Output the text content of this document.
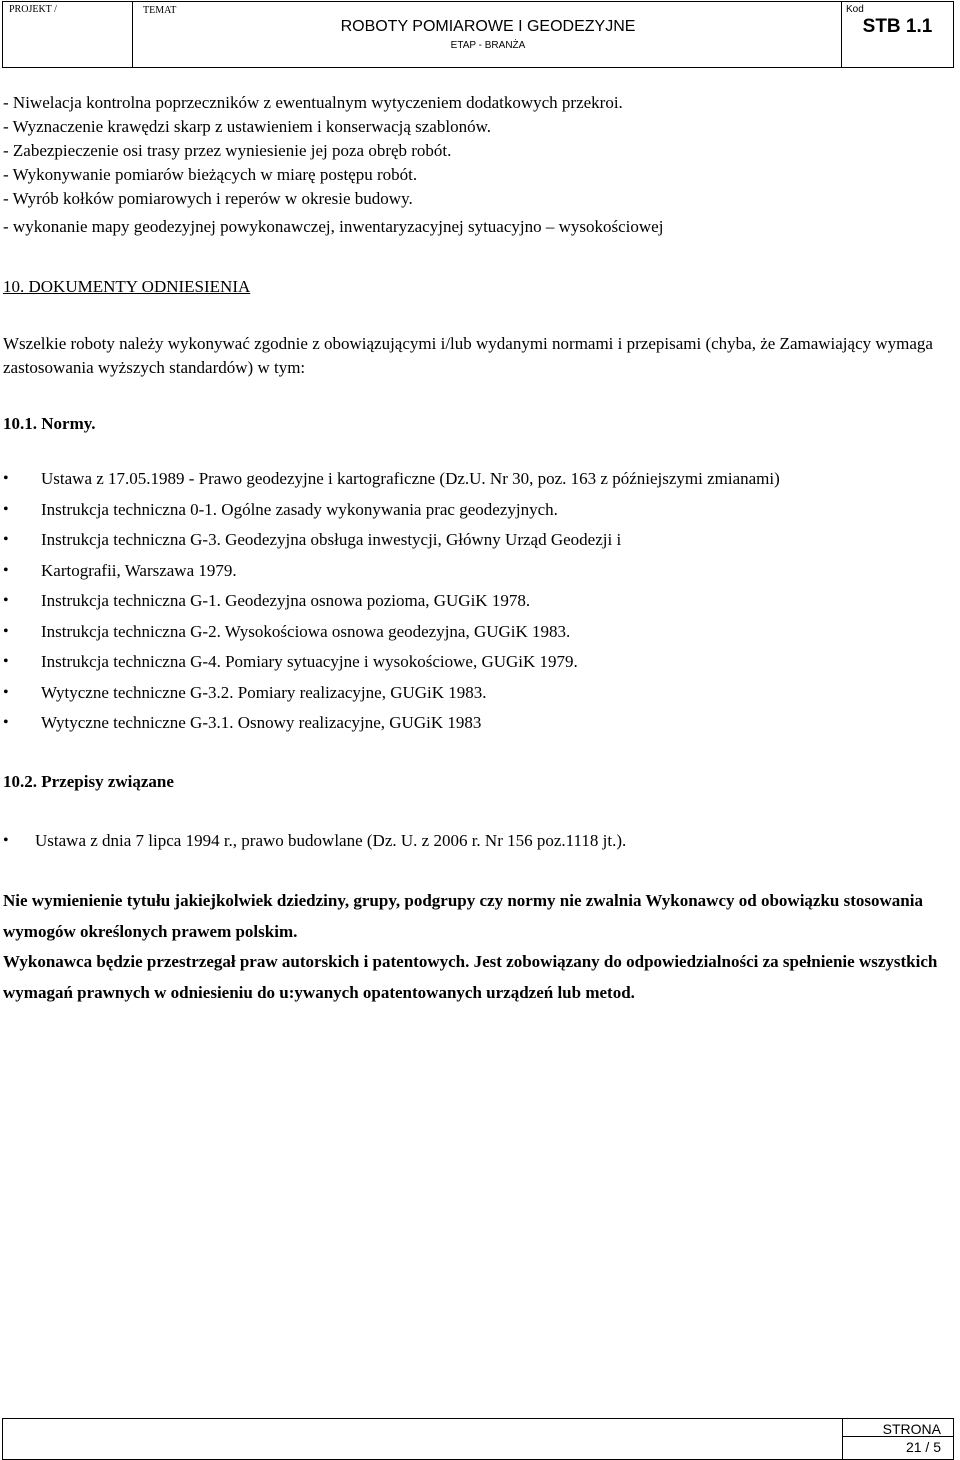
PROJEKT /	TEMAT
ROBOTY POMIAROWE I GEODEZYJNE
ETAP - BRANŻA
Kod
STB 1.1

- Niwelacja kontrolna poprzeczników z ewentualnym wytyczeniem dodatkowych przekroi.

- Wyznaczenie krawędzi skarp z ustawieniem i konserwacją szablonów.

- Zabezpieczenie osi trasy przez wyniesienie jej poza obręb robót.

- Wykonywanie pomiarów bieżących w miarę postępu robót.

- Wyrób kołków pomiarowych i reperów w okresie budowy.

- wykonanie mapy geodezyjnej powykonawczej, inwentaryzacyjnej sytuacyjno – wysokościowej

10. DOKUMENTY ODNIESIENIA

Wszelkie roboty należy wykonywać zgodnie z obowiązującymi i/lub wydanymi normami i przepisami (chyba, że Zamawiający wymaga zastosowania wyższych standardów) w tym:

10.1. Normy.

• Ustawa z 17.05.1989 - Prawo geodezyjne i kartograficzne (Dz.U. Nr 30, poz. 163 z późniejszymi zmianami)
• Instrukcja techniczna 0-1. Ogólne zasady wykonywania prac geodezyjnych.
• Instrukcja techniczna G-3. Geodezyjna obsługa inwestycji, Główny Urząd Geodezji i
• Kartografii, Warszawa 1979.
• Instrukcja techniczna G-1. Geodezyjna osnowa pozioma, GUGiK 1978.
• Instrukcja techniczna G-2. Wysokościowa osnowa geodezyjna, GUGiK 1983.
• Instrukcja techniczna G-4. Pomiary sytuacyjne i wysokościowe, GUGiK 1979.
• Wytyczne techniczne G-3.2. Pomiary realizacyjne, GUGiK 1983.
• Wytyczne techniczne G-3.1. Osnowy realizacyjne, GUGiK 1983

10.2. Przepisy związane

• Ustawa z dnia 7 lipca 1994 r., prawo budowlane (Dz. U. z 2006 r. Nr 156 poz.1118 jt.).

Nie wymienienie tytułu jakiejkolwiek dziedziny, grupy, podgrupy czy normy nie zwalnia Wykonawcy od obowiązku stosowania wymogów określonych prawem polskim.

Wykonawca będzie przestrzegał praw autorskich i patentowych. Jest zobowiązany do odpowiedzialności za spełnienie wszystkich wymagań prawnych w odniesieniu do u:ywanych opatentowanych urządzeń lub metod.

STRONA
21 / 5
